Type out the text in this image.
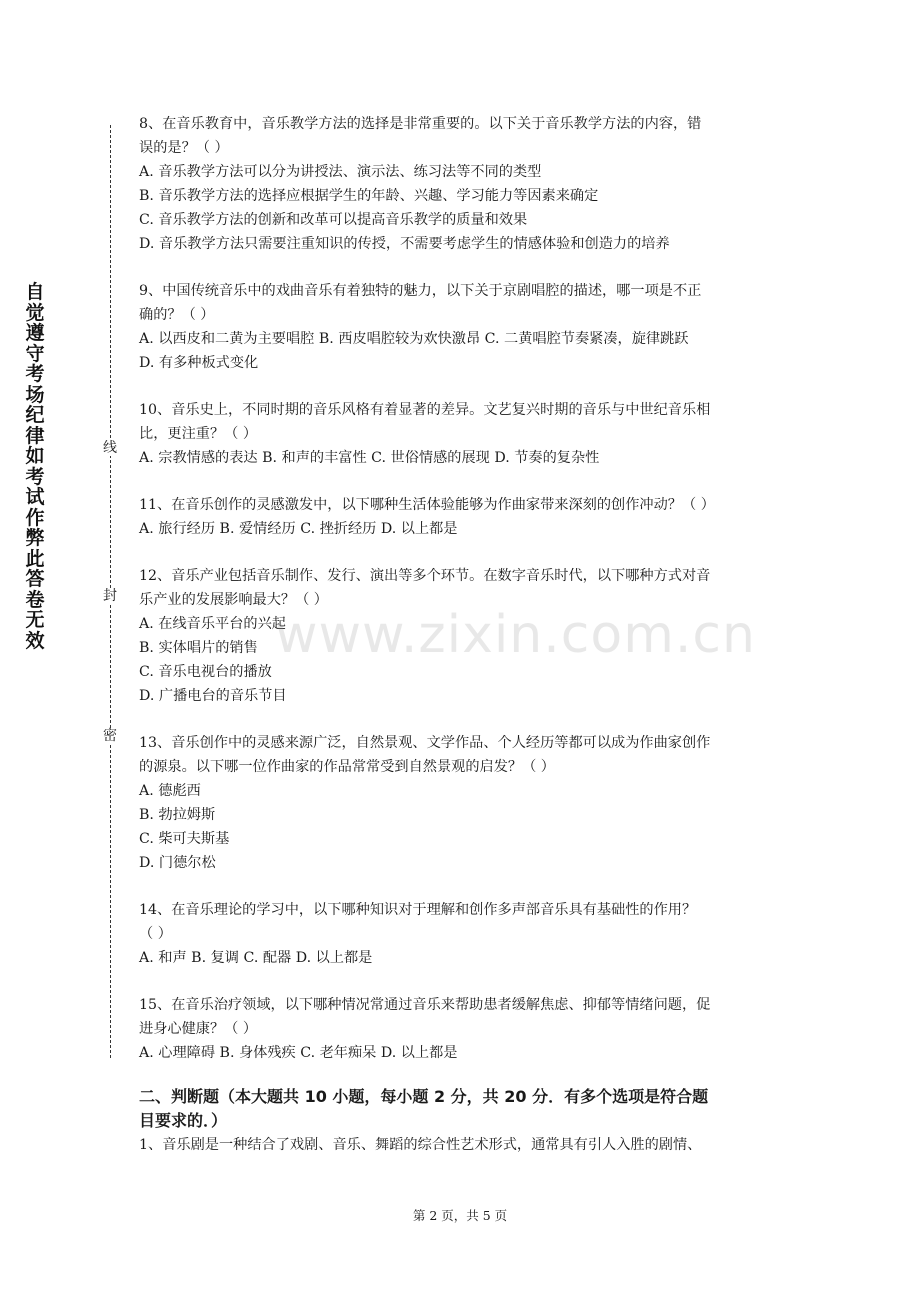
自觉遵守考场纪律如考试作弊此答卷无效
线
封
密

8、在音乐教育中，音乐教学方法的选择是非常重要的。以下关于音乐教学方法的内容，错

误的是？（ ）

A. 音乐教学方法可以分为讲授法、演示法、练习法等不同的类型

B. 音乐教学方法的选择应根据学生的年龄、兴趣、学习能力等因素来确定

C. 音乐教学方法的创新和改革可以提高音乐教学的质量和效果

D. 音乐教学方法只需要注重知识的传授，不需要考虑学生的情感体验和创造力的培养

9、中国传统音乐中的戏曲音乐有着独特的魅力，以下关于京剧唱腔的描述，哪一项是不正

确的？（ ）

A. 以西皮和二黄为主要唱腔 B. 西皮唱腔较为欢快激昂 C. 二黄唱腔节奏紧凑，旋律跳跃

D. 有多种板式变化

10、音乐史上，不同时期的音乐风格有着显著的差异。文艺复兴时期的音乐与中世纪音乐相

比，更注重？（ ）

A. 宗教情感的表达 B. 和声的丰富性 C. 世俗情感的展现 D. 节奏的复杂性

11、在音乐创作的灵感激发中，以下哪种生活体验能够为作曲家带来深刻的创作冲动？（ ）

A. 旅行经历 B. 爱情经历 C. 挫折经历 D. 以上都是

12、音乐产业包括音乐制作、发行、演出等多个环节。在数字音乐时代，以下哪种方式对音

乐产业的发展影响最大？（ ）

A. 在线音乐平台的兴起

B. 实体唱片的销售

C. 音乐电视台的播放

D. 广播电台的音乐节目

13、音乐创作中的灵感来源广泛，自然景观、文学作品、个人经历等都可以成为作曲家创作

的源泉。以下哪一位作曲家的作品常常受到自然景观的启发？（ ）

A. 德彪西

B. 勃拉姆斯

C. 柴可夫斯基

D. 门德尔松

14、在音乐理论的学习中，以下哪种知识对于理解和创作多声部音乐具有基础性的作用？

（ ）

A. 和声 B. 复调 C. 配器 D. 以上都是

15、在音乐治疗领域，以下哪种情况常通过音乐来帮助患者缓解焦虑、抑郁等情绪问题，促

进身心健康？（ ）

A. 心理障碍 B. 身体残疾 C. 老年痴呆 D. 以上都是

二、判断题（本大题共 10 小题，每小题 2 分，共 20 分．有多个选项是符合题

目要求的．）

1、音乐剧是一种结合了戏剧、音乐、舞蹈的综合性艺术形式，通常具有引人入胜的剧情、

www.zixin.com.cn
第 2 页，共 5 页
